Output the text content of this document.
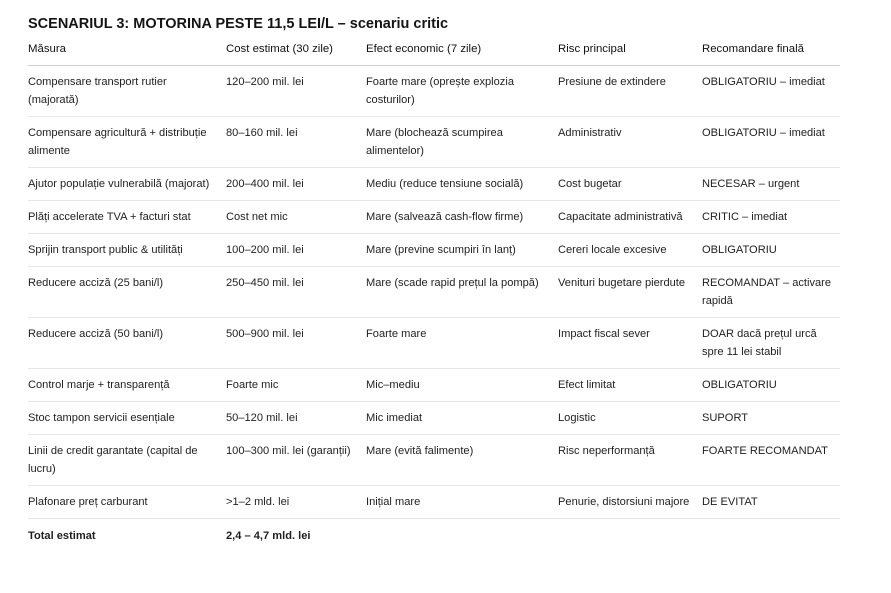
SCENARIUL 3: MOTORINA PESTE 11,5 LEI/L – scenariu critic
Măsura	Cost estimat (30 zile)	Efect economic (7 zile)	Risc principal	Recomandare finală
Compensare transport rutier (majorată)	120–200 mil. lei	Foarte mare (oprește explozia costurilor)	Presiune de extindere	OBLIGATORIU – imediat
Compensare agricultură + distribuție alimente	80–160 mil. lei	Mare (blochează scumpirea alimentelor)	Administrativ	OBLIGATORIU – imediat
Ajutor populație vulnerabilă (majorat)	200–400 mil. lei	Mediu (reduce tensiune socială)	Cost bugetar	NECESAR – urgent
Plăți accelerate TVA + facturi stat	Cost net mic	Mare (salvează cash-flow firme)	Capacitate administrativă	CRITIC – imediat
Sprijin transport public & utilități	100–200 mil. lei	Mare (previne scumpiri în lanț)	Cereri locale excesive	OBLIGATORIU
Reducere acciză (25 bani/l)	250–450 mil. lei	Mare (scade rapid prețul la pompă)	Venituri bugetare pierdute	RECOMANDAT – activare rapidă
Reducere acciză (50 bani/l)	500–900 mil. lei	Foarte mare	Impact fiscal sever	DOAR dacă prețul urcă spre 11 lei stabil
Control marje + transparență	Foarte mic	Mic–mediu	Efect limitat	OBLIGATORIU
Stoc tampon servicii esențiale	50–120 mil. lei	Mic imediat	Logistic	SUPORT
Linii de credit garantate (capital de lucru)	100–300 mil. lei (garanții)	Mare (evită falimente)	Risc neperformanță	FOARTE RECOMANDAT
Plafonare preț carburant	>1–2 mld. lei	Inițial mare	Penurie, distorsiuni majore	DE EVITAT
Total estimat	2,4 – 4,7 mld. lei			
